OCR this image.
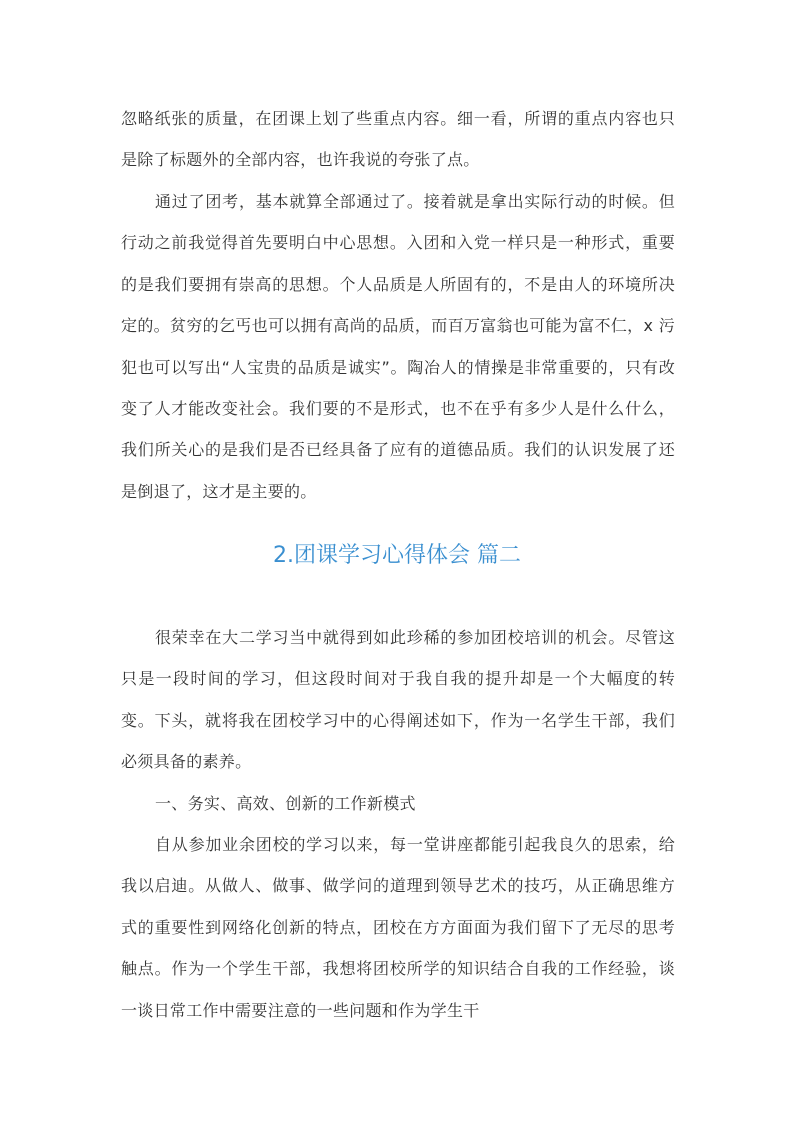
忽略纸张的质量，在团课上划了些重点内容。细一看，所谓的重点内容也只是除了标题外的全部内容，也许我说的夸张了点。

通过了团考，基本就算全部通过了。接着就是拿出实际行动的时候。但行动之前我觉得首先要明白中心思想。入团和入党一样只是一种形式，重要的是我们要拥有崇高的思想。个人品质是人所固有的，不是由人的环境所决定的。贫穷的乞丐也可以拥有高尚的品质，而百万富翁也可能为富不仁，x 污犯也可以写出“人宝贵的品质是诚实”。陶冶人的情操是非常重要的，只有改变了人才能改变社会。我们要的不是形式，也不在乎有多少人是什么什么，我们所关心的是我们是否已经具备了应有的道德品质。我们的认识发展了还是倒退了，这才是主要的。

2.团课学习心得体会 篇二

很荣幸在大二学习当中就得到如此珍稀的参加团校培训的机会。尽管这只是一段时间的学习，但这段时间对于我自我的提升却是一个大幅度的转变。下头，就将我在团校学习中的心得阐述如下，作为一名学生干部，我们必须具备的素养。

一、务实、高效、创新的工作新模式

自从参加业余团校的学习以来，每一堂讲座都能引起我良久的思索，给我以启迪。从做人、做事、做学问的道理到领导艺术的技巧，从正确思维方式的重要性到网络化创新的特点，团校在方方面面为我们留下了无尽的思考触点。作为一个学生干部，我想将团校所学的知识结合自我的工作经验，谈一谈日常工作中需要注意的一些问题和作为学生干
